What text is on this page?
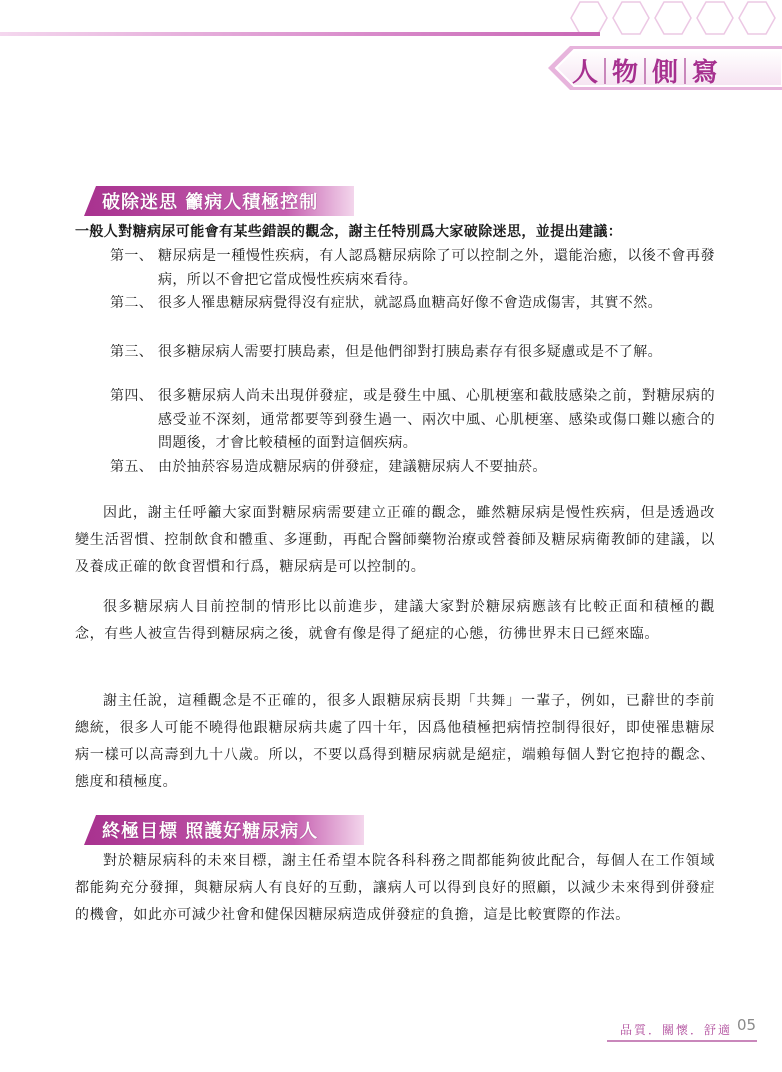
人 物 側 寫
破除迷思 籲病人積極控制
一般人對糖病尿可能會有某些錯誤的觀念，謝主任特別爲大家破除迷思，並提出建議：
第一、 糖尿病是一種慢性疾病，有人認爲糖尿病除了可以控制之外，還能治癒，以後不會再發病，所以不會把它當成慢性疾病來看待。
第二、 很多人罹患糖尿病覺得沒有症狀，就認爲血糖高好像不會造成傷害，其實不然。
第三、 很多糖尿病人需要打胰島素，但是他們卻對打胰島素存有很多疑慮或是不了解。
第四、 很多糖尿病人尚未出現併發症，或是發生中風、心肌梗塞和截肢感染之前，對糖尿病的感受並不深刻，通常都要等到發生過一、兩次中風、心肌梗塞、感染或傷口難以癒合的問題後，才會比較積極的面對這個疾病。
第五、 由於抽菸容易造成糖尿病的併發症，建議糖尿病人不要抽菸。

因此，謝主任呼籲大家面對糖尿病需要建立正確的觀念，雖然糖尿病是慢性疾病，但是透過改變生活習慣、控制飲食和體重、多運動，再配合醫師藥物治療或營養師及糖尿病衛教師的建議，以及養成正確的飲食習慣和行爲，糖尿病是可以控制的。

很多糖尿病人目前控制的情形比以前進步，建議大家對於糖尿病應該有比較正面和積極的觀念，有些人被宣告得到糖尿病之後，就會有像是得了絕症的心態，彷彿世界末日已經來臨。

謝主任說，這種觀念是不正確的，很多人跟糖尿病長期「共舞」一輩子，例如，已辭世的李前總統，很多人可能不曉得他跟糖尿病共處了四十年，因爲他積極把病情控制得很好，即使罹患糖尿病一樣可以高壽到九十八歲。所以，不要以爲得到糖尿病就是絕症，端賴每個人對它抱持的觀念、態度和積極度。

終極目標 照護好糖尿病人

對於糖尿病科的未來目標，謝主任希望本院各科科務之間都能夠彼此配合，每個人在工作領域都能夠充分發揮，與糖尿病人有良好的互動，讓病人可以得到良好的照顧，以減少未來得到併發症的機會，如此亦可減少社會和健保因糖尿病造成併發症的負擔，這是比較實際的作法。

品質．關懷．舒適 05
